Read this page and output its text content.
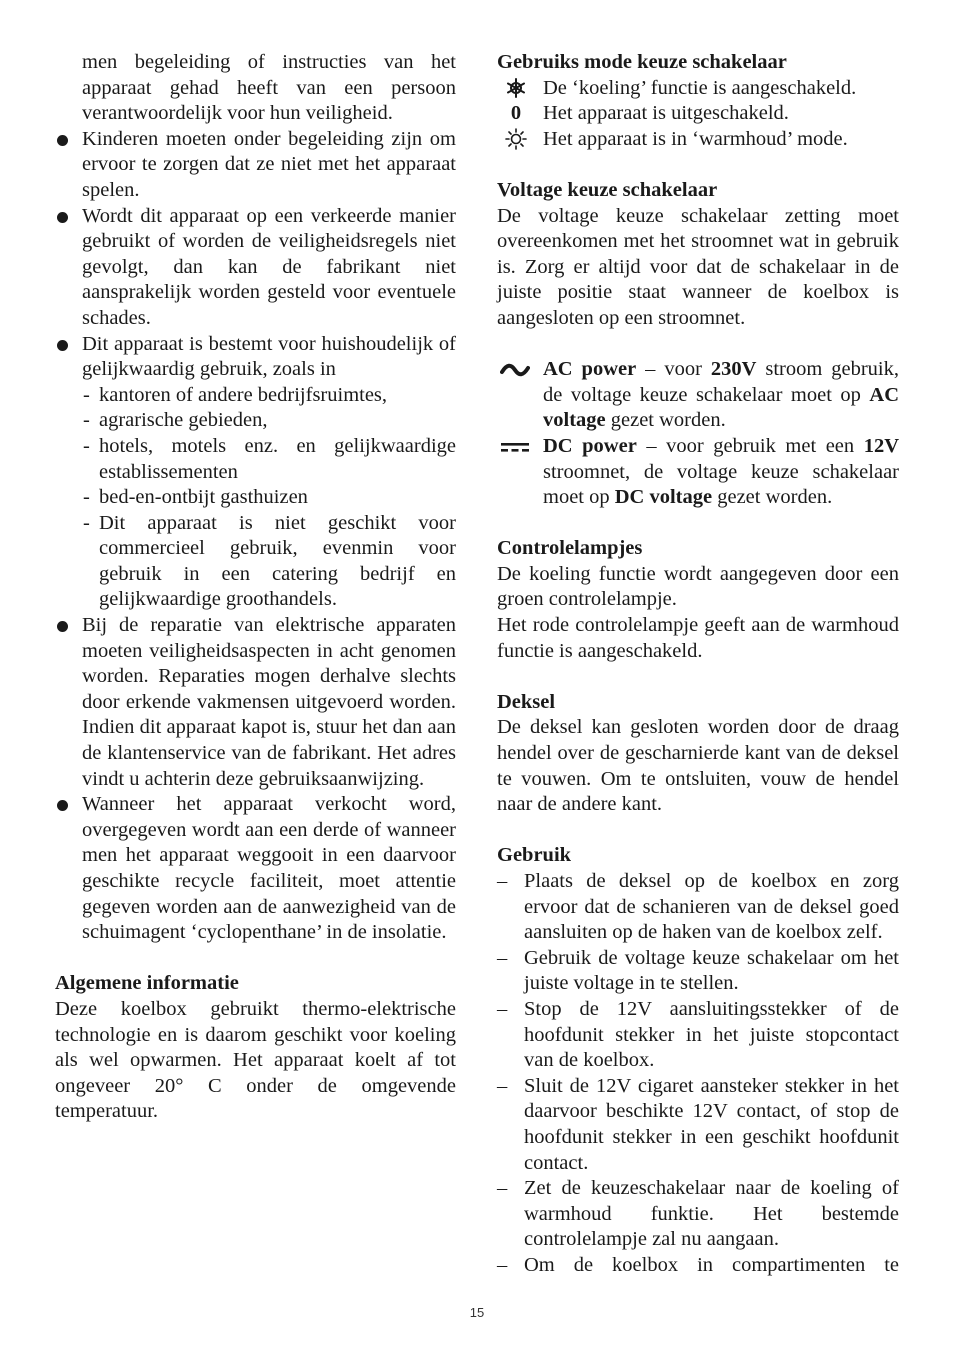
men begeleiding of instructies van het apparaat gehad heeft van een persoon verantwoordelijk voor hun veiligheid.

Kinderen moeten onder begeleiding zijn om ervoor te zorgen dat ze niet met het apparaat spelen.
Wordt dit apparaat op een verkeerde manier gebruikt of worden de veiligheidsregels niet gevolgt, dan kan de fabrikant niet aansprakelijk worden gesteld voor eventuele schades.
Dit apparaat is bestemt voor huishoudelijk of gelijkwaardig gebruik, zoals in
- kantoren of andere bedrijfsruimtes,
- agrarische gebieden,
- hotels, motels enz. en gelijkwaardige establissementen
- bed-en-ontbijt gasthuizen
- Dit apparaat is niet geschikt voor commercieel gebruik, evenmin voor gebruik in een catering bedrijf en gelijkwaardige groothandels.
Bij de reparatie van elektrische apparaten moeten veiligheidsaspecten in acht genomen worden. Reparaties mogen derhalve slechts door erkende vakmensen uitgevoerd worden. Indien dit apparaat kapot is, stuur het dan aan de klantenservice van de fabrikant. Het adres vindt u achterin deze gebruiksaanwijzing.
Wanneer het apparaat verkocht word, overgegeven wordt aan een derde of wanneer men het apparaat weggooit in een daarvoor geschikte recycle faciliteit, moet attentie gegeven worden aan de aanwezigheid van de schuimagent ‘cyclopenthane’ in de insolatie.

Algemene informatie

Deze koelbox gebruikt thermo-elektrische technologie en is daarom geschikt voor koeling als wel opwarmen. Het apparaat koelt af tot ongeveer 20° C onder de omgevende temperatuur.

Gebruiks mode keuze schakelaar

De ‘koeling’ functie is aangeschakeld.
0	Het apparaat is uitgeschakeld.
Het apparaat is in ‘warmhoud’ mode.

Voltage keuze schakelaar

De voltage keuze schakelaar zetting moet overeenkomen met het stroomnet wat in gebruik is. Zorg er altijd voor dat de schakelaar in de juiste positie staat wanneer de koelbox is aangesloten op een stroomnet.

AC power – voor 230V stroom gebruik, de voltage keuze schakelaar moet op AC voltage gezet worden.
DC power – voor gebruik met een 12V stroomnet, de voltage keuze schakelaar moet op DC voltage gezet worden.

Controlelampjes

De koeling functie wordt aangegeven door een groen controlelampje.

Het rode controlelampje geeft aan de warmhoud functie is aangeschakeld.

Deksel

De deksel kan gesloten worden door de draag hendel over de gescharnierde kant van de deksel te vouwen. Om te ontsluiten, vouw de hendel naar de andere kant.

Gebruik

– Plaats de deksel op de koelbox en zorg ervoor dat de schanieren van de deksel goed aansluiten op de haken van de koelbox zelf.
– Gebruik de voltage keuze schakelaar om het juiste voltage in te stellen.
– Stop de 12V aansluitingsstekker of de hoofdunit stekker in het juiste stopcontact van de koelbox.
– Sluit de 12V cigaret aansteker stekker in het daarvoor beschikte 12V contact, of stop de hoofdunit stekker in een geschikt hoofdunit contact.
– Zet de keuzeschakelaar naar de koeling of warmhoud funktie. Het bestemde controlelampje zal nu aangaan.
– Om de koelbox in compartimenten te
15
